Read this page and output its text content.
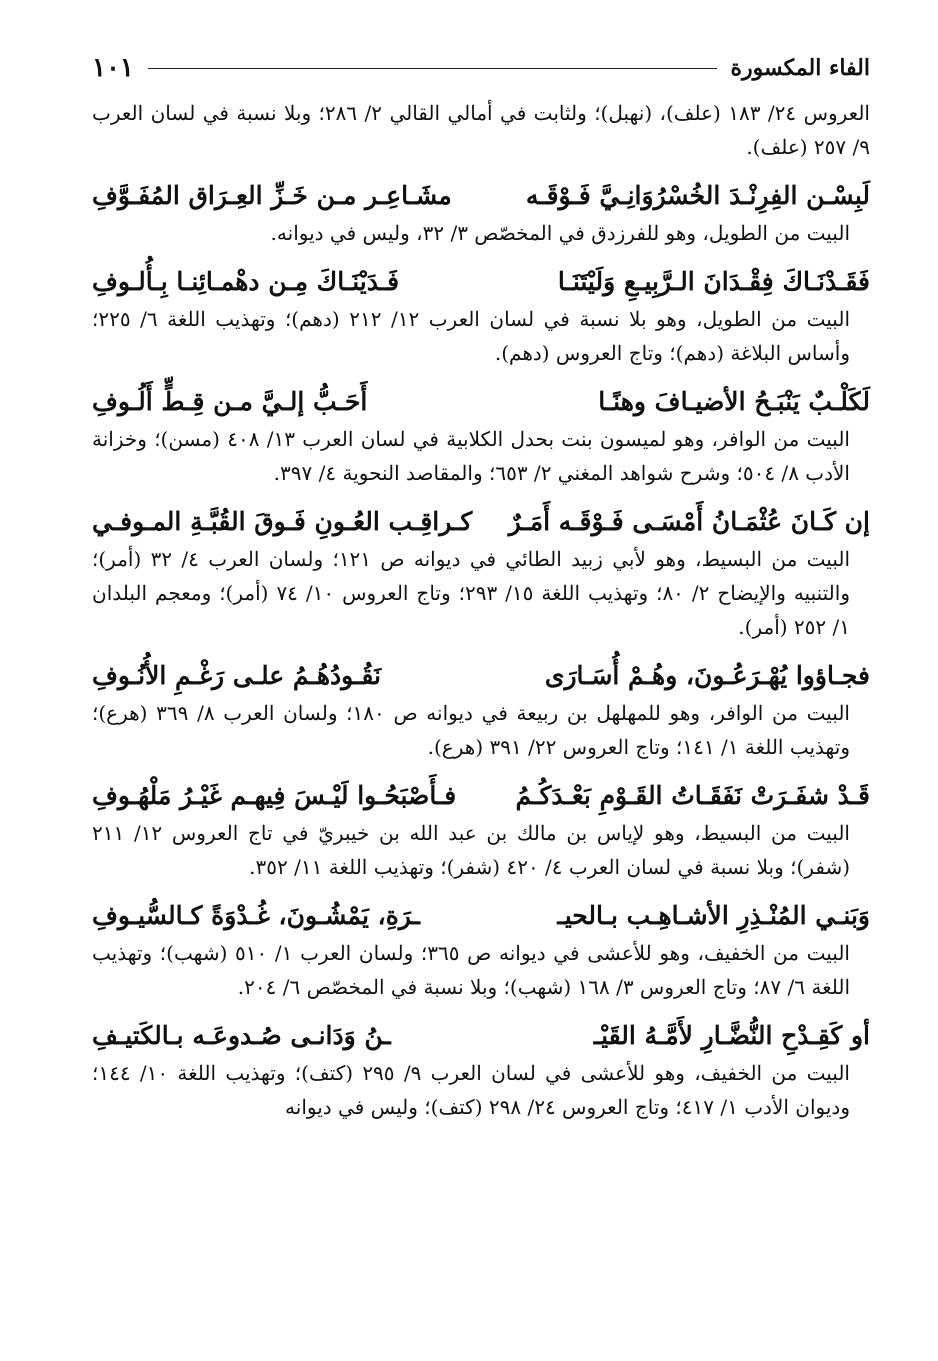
الفاء المكسورة
١٠١

العروس ٢٤/ ١٨٣ (علف)، (نهبل)؛ ولثابت في أمالي القالي ٢/ ٢٨٦؛ وبلا نسبة في لسان العرب ٩/ ٢٥٧ (علف).

لَبِسْـن الفِرِنْـدَ الخُسْرُوَانِـيَّ فَـوْقَـه
مشَـاعِـر مـن خَـزِّ العِـرَاق المُفَـوَّفِ

البيت من الطويل، وهو للفرزدق في المخصّص ٣/ ٣٢، وليس في ديوانه.

فَقَـدْنَـاكَ فِقْـدَانَ الـرَّبِيـعِ وَلَيْتَنَـا
فَـدَيْنَـاكَ مِـن دهْمـائِنـا بِـأُلـوفِ

البيت من الطويل، وهو بلا نسبة في لسان العرب ١٢/ ٢١٢ (دهم)؛ وتهذيب اللغة ٦/ ٢٢٥؛ وأساس البلاغة (دهم)؛ وتاج العروس (دهم).

لَكَلْـبٌ يَنْبَـحُ الأضيـافَ وهنًـا
أَحَـبُّ إلـيَّ مـن قِـطٍّ أَلُـوفِ

البيت من الوافر، وهو لميسون بنت بحدل الكلابية في لسان العرب ١٣/ ٤٠٨ (مسن)؛ وخزانة الأدب ٨/ ٥٠٤؛ وشرح شواهد المغني ٢/ ٦٥٣؛ والمقاصد النحوية ٤/ ٣٩٧.

إن كَـانَ عُثْمَـانُ أَمْسَـى فَـوْقَـه أَمَـرٌ
كـراقِـب العُـونِ فَـوقَ القُبَّـةِ المـوفـي

البيت من البسيط، وهو لأبي زبيد الطائي في ديوانه ص ١٢١؛ ولسان العرب ٤/ ٣٢ (أمر)؛ والتنبيه والإيضاح ٢/ ٨٠؛ وتهذيب اللغة ١٥/ ٢٩٣؛ وتاج العروس ١٠/ ٧٤ (أمر)؛ ومعجم البلدان ١/ ٢٥٢ (أمر).

فجـاؤوا يُهْـرَعُـونَ، وهُـمْ أُسَـارَى
نَقُـودُهُـمُ علـى رَغْـمِ الأُنُـوفِ

البيت من الوافر، وهو للمهلهل بن ربيعة في ديوانه ص ١٨٠؛ ولسان العرب ٨/ ٣٦٩ (هرع)؛ وتهذيب اللغة ١/ ١٤١؛ وتاج العروس ٢٢/ ٣٩١ (هرع).

قَـدْ شفَـرَتْ نَفَقَـاتُ القَـوْمِ بَعْـدَكُـمُ
فـأَصْبَحُـوا لَيْـسَ فِيهـم غَيْـرُ مَلْهُـوفِ

البيت من البسيط، وهو لإياس بن مالك بن عبد الله بن خيبريّ في تاج العروس ١٢/ ٢١١ (شفر)؛ وبلا نسبة في لسان العرب ٤/ ٤٢٠ (شفر)؛ وتهذيب اللغة ١١/ ٣٥٢.

وَبَنـي المُنْـذِرِ الأشـاهِـب بـالحيـ
ـرَةِ، يَمْشُـونَ، غُـدْوَةً كـالسُّيـوفِ

البيت من الخفيف، وهو للأعشى في ديوانه ص ٣٦٥؛ ولسان العرب ١/ ٥١٠ (شهب)؛ وتهذيب اللغة ٦/ ٨٧؛ وتاج العروس ٣/ ١٦٨ (شهب)؛ وبلا نسبة في المخصّص ٦/ ٢٠٤.

أو كَقِـدْحِ النُّضَّـارِ لأَمَّـهُ القَيْـ
ـنُ وَدَانـى صُـدوعَـه بـالكَتيـفِ

البيت من الخفيف، وهو للأعشى في لسان العرب ٩/ ٢٩٥ (كتف)؛ وتهذيب اللغة ١٠/ ١٤٤؛ وديوان الأدب ١/ ٤١٧؛ وتاج العروس ٢٤/ ٢٩٨ (كتف)؛ وليس في ديوانه
